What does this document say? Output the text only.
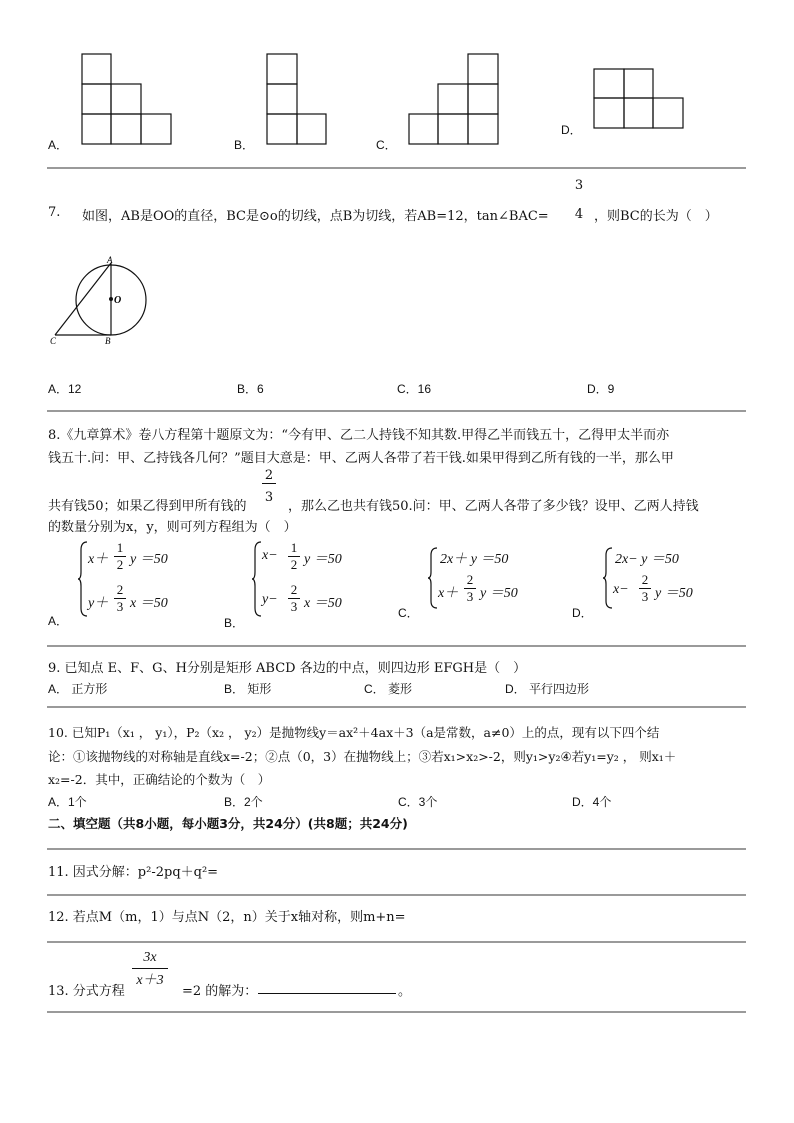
A．	B．	C．
D．
7. 如图，AB是OO的直径，BC是⊙o的切线，点B为切线，若AB=12，tan∠BAC=
3
4 ，则BC的长为（　）
A
O
B
C
A．12	B．6	C．16	D．9
8.《九章算术》卷八方程第十题原文为：“今有甲、乙二人持钱不知其数.甲得乙半而钱五十，乙得甲太半而亦
钱五十.问：甲、乙持钱各几何？”题目大意是：甲、乙两人各带了若干钱.如果甲得到乙所有钱的一半，那么甲
共有钱50；如果乙得到甲所有钱的
2
3
，那么乙也共有钱50.问：甲、乙两人各带了多少钱？设甲、乙两人持钱
的数量分别为x，y，则可列方程组为（　）
x＋
1
2 y ＝50
y＋
2
3 x ＝50
A．
x−
1
2 y ＝50
y−
2
3 x ＝50
B．
2x＋ y ＝50
x＋
2
3 y ＝50
C．
2x− y ＝50
x−
2
3 y ＝50
D．
9. 已知点 E、F、G、H分别是矩形 ABCD 各边的中点，则四边形 EFGH是（　）
A． 正方形	B． 矩形	C． 菱形	D． 平行四边形
10. 已知P₁（x₁ ， y₁），P₂（x₂ ， y₂）是抛物线y＝ax²＋4ax＋3（a是常数，a≠0）上的点，现有以下四个结
论：①该抛物线的对称轴是直线x=-2；②点（0，3）在抛物线上；③若x₁>x₂>-2，则y₁>y₂④若y₁=y₂ ， 则x₁＋
x₂=-2．其中，正确结论的个数为（　）
A．1个	B．2个	C．3个	D．4个
二、填空题（共8小题，每小题3分，共24分）(共8题；共24分)
11. 因式分解：p²-2pq＋q²=
12. 若点M（m，1）与点N（2，n）关于x轴对称，则m+n=
13. 分式方程
3x
x＋3
=2 的解为：	。
